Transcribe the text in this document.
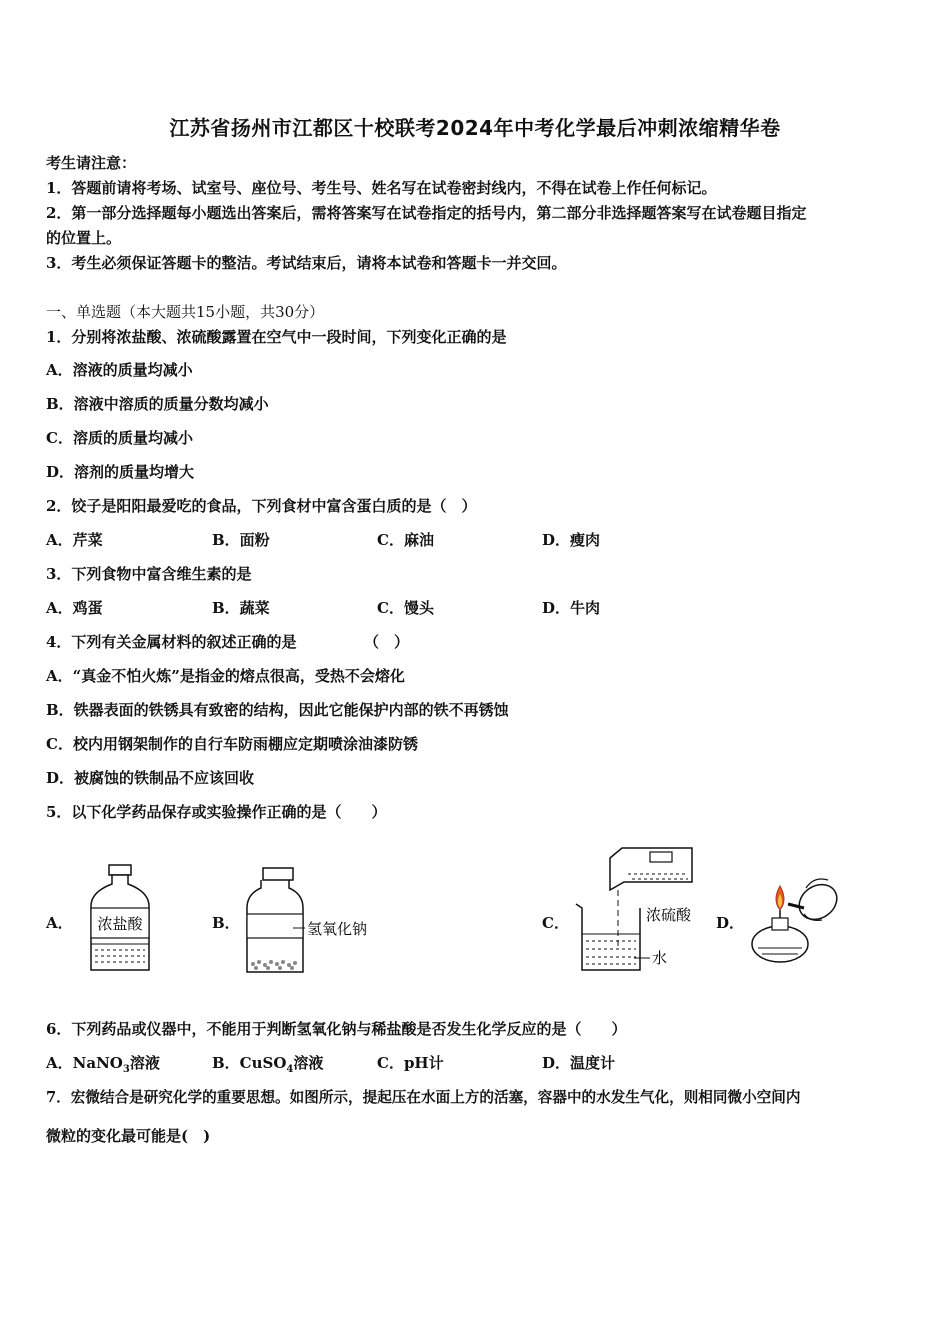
江苏省扬州市江都区十校联考2024年中考化学最后冲刺浓缩精华卷
考生请注意：
1．答题前请将考场、试室号、座位号、考生号、姓名写在试卷密封线内，不得在试卷上作任何标记。
2．第一部分选择题每小题选出答案后，需将答案写在试卷指定的括号内，第二部分非选择题答案写在试卷题目指定
的位置上。
3．考生必须保证答题卡的整洁。考试结束后，请将本试卷和答题卡一并交回。
一、单选题（本大题共15小题，共30分）
1．分别将浓盐酸、浓硫酸露置在空气中一段时间，下列变化正确的是
A．溶液的质量均减小
B．溶液中溶质的质量分数均减小
C．溶质的质量均减小
D．溶剂的质量均增大
2．饺子是阳阳最爱吃的食品，下列食材中富含蛋白质的是（　）
A．芹菜	B．面粉	C．麻油	D．瘦肉
3．下列食物中富含维生素的是
A．鸡蛋	B．蔬菜	C．馒头	D．牛肉
4．下列有关金属材料的叙述正确的是　　　　　（　）
A．“真金不怕火炼”是指金的熔点很高，受热不会熔化
B．铁器表面的铁锈具有致密的结构，因此它能保护内部的铁不再锈蚀
C．校内用钢架制作的自行车防雨棚应定期喷涂油漆防锈
D．被腐蚀的铁制品不应该回收
5．以下化学药品保存或实验操作正确的是（　　）
A．	B．	C．	D．
浓盐酸	氢氧化钠
浓硫酸
水
6．下列药品或仪器中，不能用于判断氢氧化钠与稀盐酸是否发生化学反应的是（　　）
A．NaNO$_3$溶液	B．CuSO$_4$溶液	C．pH计	D．温度计
7．宏微结合是研究化学的重要思想。如图所示，提起压在水面上方的活塞，容器中的水发生气化，则相同微小空间内
微粒的变化最可能是(　)
